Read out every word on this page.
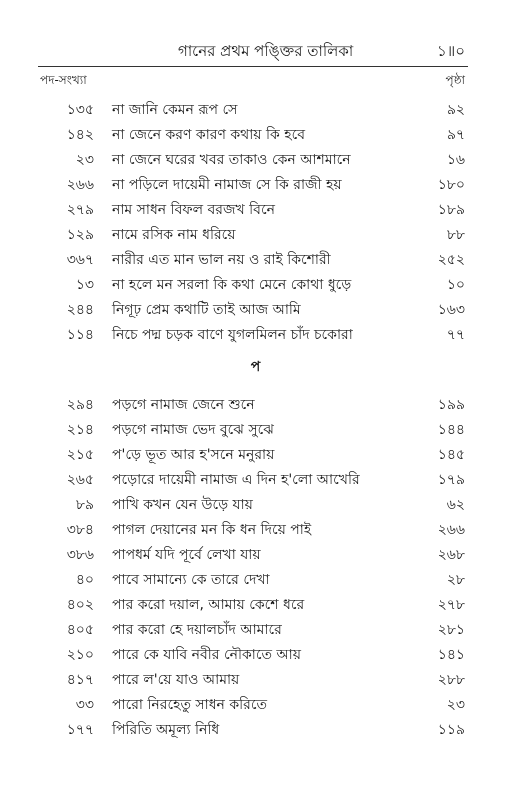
গানের প্রথম পঙ্ক্তির তালিকা	১॥০
পদ-সংখ্যা	পৃষ্ঠা
১৩৫ না জানি কেমন রূপ সে	৯২
১৪২ না জেনে করণ কারণ কথায় কি হবে	৯৭
২৩ না জেনে ঘরের খবর তাকাও কেন আশমানে	১৬
২৬৬ না পড়িলে দায়েমী নামাজ সে কি রাজী হয়	১৮০
২৭৯ নাম সাধন বিফল বরজখ বিনে	১৮৯
১২৯ নামে রসিক নাম ধরিয়ে	৮৮
৩৬৭ নারীর এত মান ভাল নয় ও রাই কিশোরী	২৫২
১৩ না হলে মন সরলা কি কথা মেনে কোথা ধুড়ে	১০
২৪৪ নিগূঢ় প্রেম কথাটি তাই আজ আমি	১৬৩
১১৪ নিচে পদ্ম চড়ক বাণে যুগলমিলন চাঁদ চকোরা	৭৭
প
২৯৪ পড়গে নামাজ জেনে শুনে	১৯৯
২১৪ পড়গে নামাজ ভেদ বুঝে সুঝে	১৪৪
২১৫ প'ড়ে ভূত আর হ'সনে মনুরায়	১৪৫
২৬৫ পড়োরে দায়েমী নামাজ এ দিন হ'লো আখেরি	১৭৯
৮৯ পাখি কখন যেন উড়ে যায়	৬২
৩৮৪ পাগল দেয়ানের মন কি ধন দিয়ে পাই	২৬৬
৩৮৬ পাপধর্ম যদি পূর্বে লেখা যায়	২৬৮
৪০ পাবে সামান্যে কে তারে দেখা	২৮
৪০২ পার করো দয়াল, আমায় কেশে ধরে	২৭৮
৪০৫ পার করো হে দয়ালচাঁদ আমারে	২৮১
২১০ পারে কে যাবি নবীর নৌকাতে আয়	১৪১
৪১৭ পারে ল'য়ে যাও আমায়	২৮৮
৩৩ পারো নিরহেতু সাধন করিতে	২৩
১৭৭ পিরিতি অমূল্য নিধি	১১৯
